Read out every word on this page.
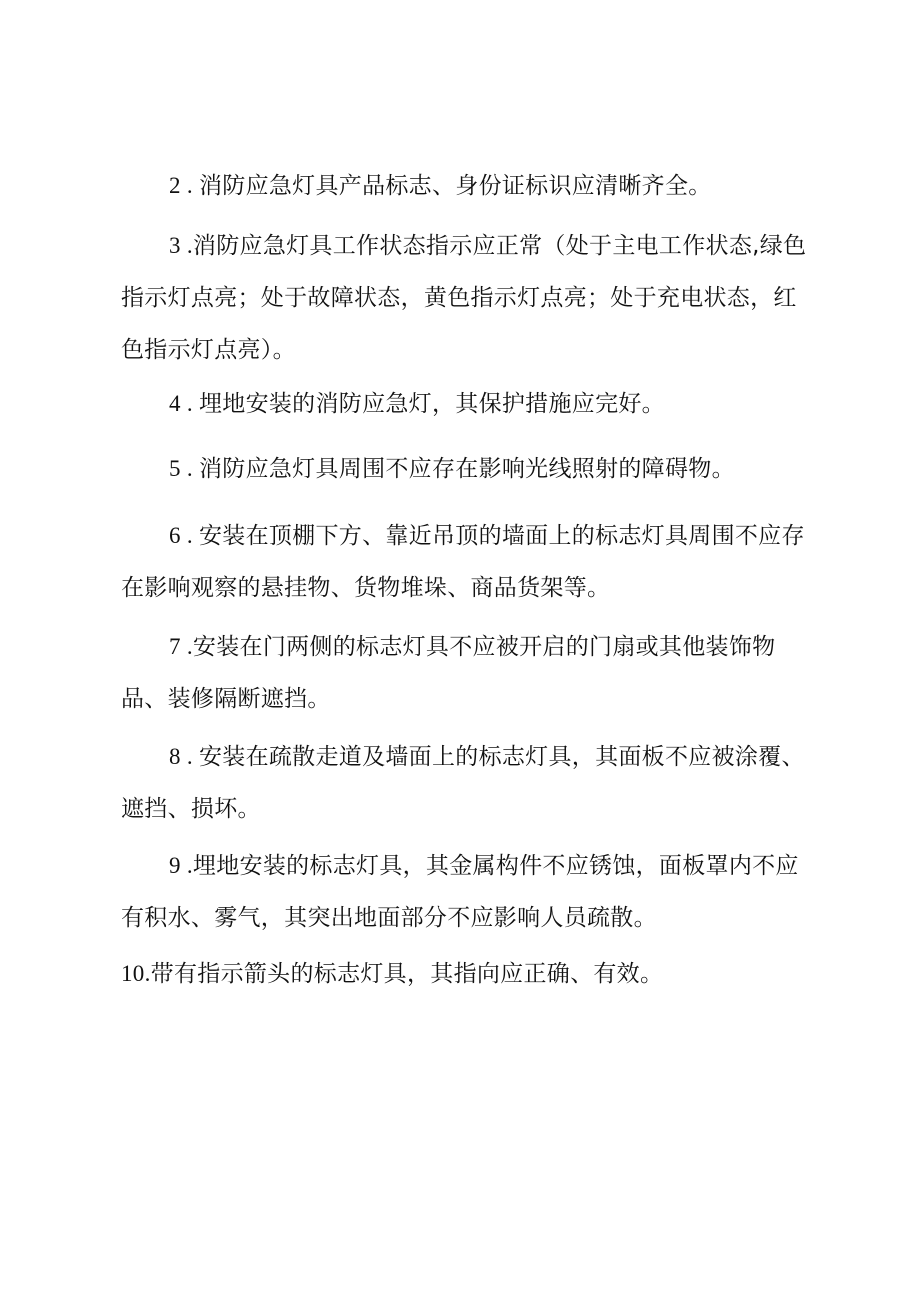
2 . 消防应急灯具产品标志、身份证标识应清晰齐全。

3 .消防应急灯具工作状态指示应正常（处于主电工作状态,绿色指示灯点亮；处于故障状态，黄色指示灯点亮；处于充电状态，红色指示灯点亮）。

4 . 埋地安装的消防应急灯，其保护措施应完好。

5 . 消防应急灯具周围不应存在影响光线照射的障碍物。

6 . 安装在顶棚下方、靠近吊顶的墙面上的标志灯具周围不应存在影响观察的悬挂物、货物堆垛、商品货架等。

7 .安装在门两侧的标志灯具不应被开启的门扇或其他装饰物品、装修隔断遮挡。

8 . 安装在疏散走道及墙面上的标志灯具，其面板不应被涂覆、遮挡、损坏。

9 .埋地安装的标志灯具，其金属构件不应锈蚀，面板罩内不应有积水、雾气，其突出地面部分不应影响人员疏散。

10.带有指示箭头的标志灯具，其指向应正确、有效。
